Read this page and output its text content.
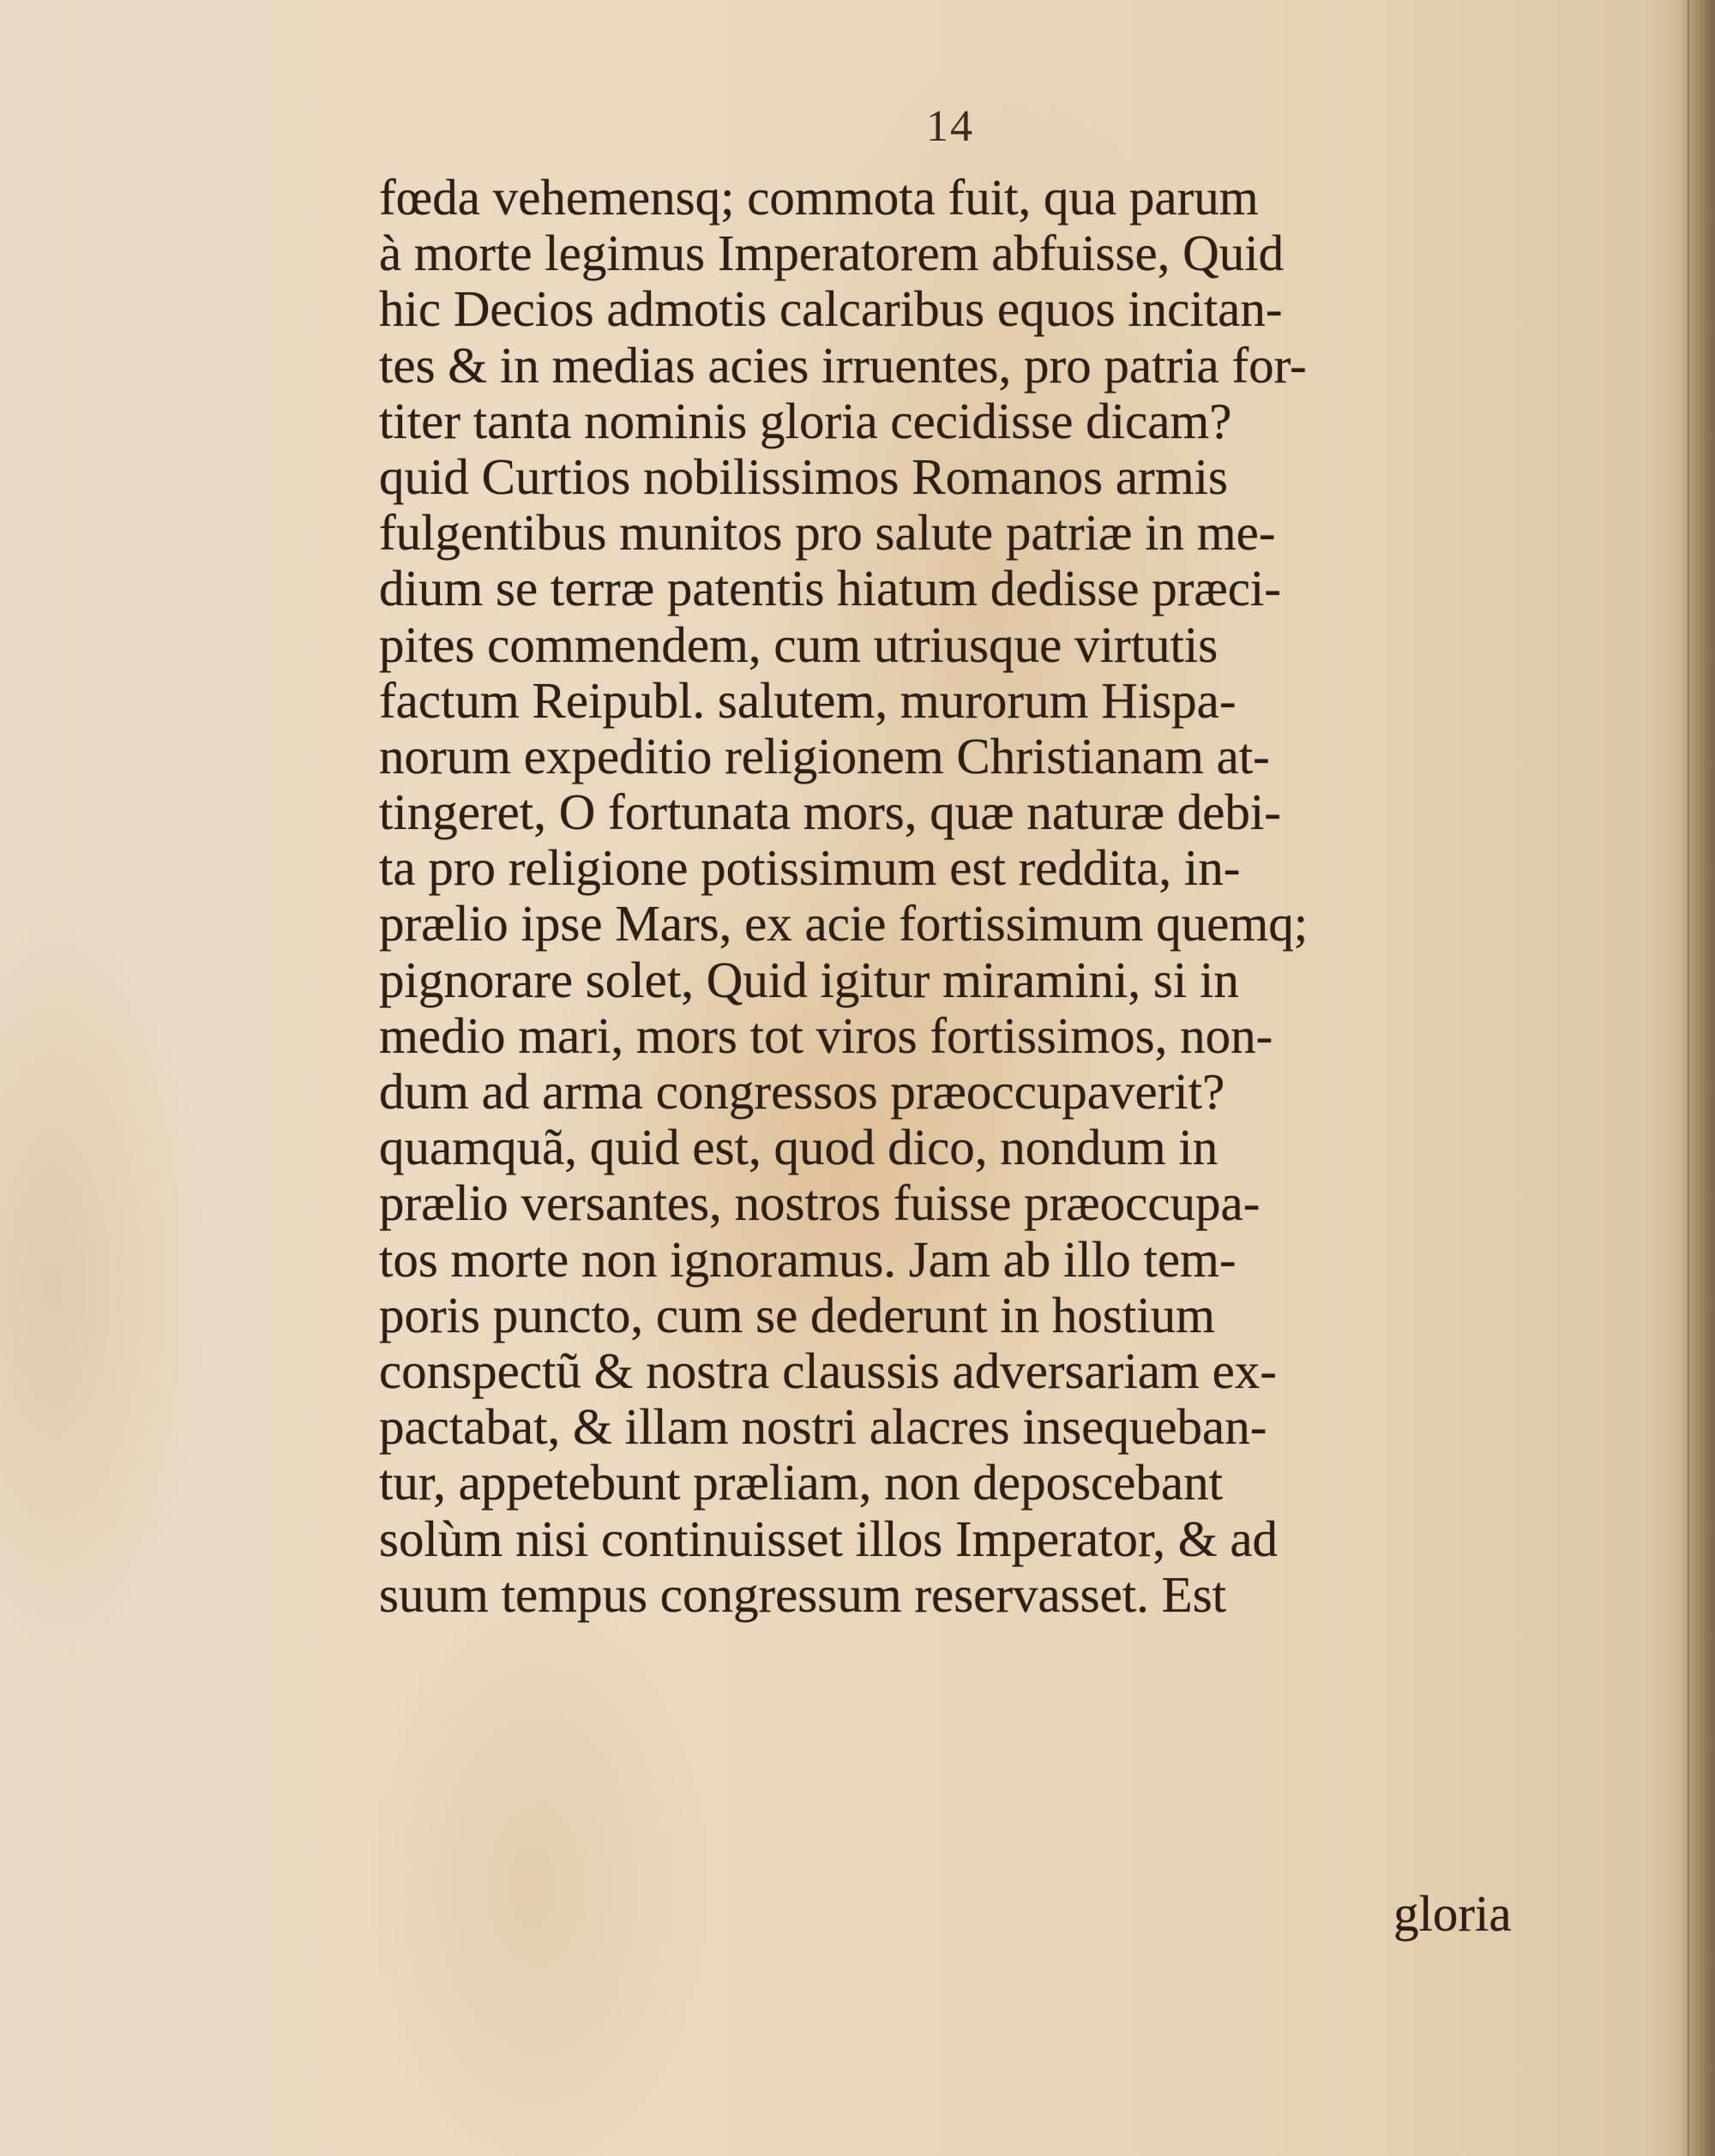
14
fœda vehemensq; commota fuit, qua parum
à morte legimus Imperatorem abfuisse, Quid
hic Decios admotis calcaribus equos incitan-
tes & in medias acies irruentes, pro patria for-
titer tanta nominis gloria cecidisse dicam?
quid Curtios nobilissimos Romanos armis
fulgentibus munitos pro salute patriæ in me-
dium se terræ patentis hiatum dedisse præci-
pites commendem, cum utriusque virtutis
factum Reipubl. salutem, murorum Hispa-
norum expeditio religionem Christianam at-
tingeret, O fortunata mors, quæ naturæ debi-
ta pro religione potissimum est reddita, in-
prælio ipse Mars, ex acie fortissimum quemq;
pignorare solet, Quid igitur miramini, si in
medio mari, mors tot viros fortissimos, non-
dum ad arma congressos præoccupaverit?
quamquã, quid est, quod dico, nondum in
prælio versantes, nostros fuisse præoccupa-
tos morte non ignoramus. Jam ab illo tem-
poris puncto, cum se dederunt in hostium
conspectũ & nostra claussis adversariam ex-
pactabat, & illam nostri alacres insequeban-
tur, appetebunt præliam, non deposcebant
solùm nisi continuisset illos Imperator, & ad
suum tempus congressum reservasset. Est
gloria
